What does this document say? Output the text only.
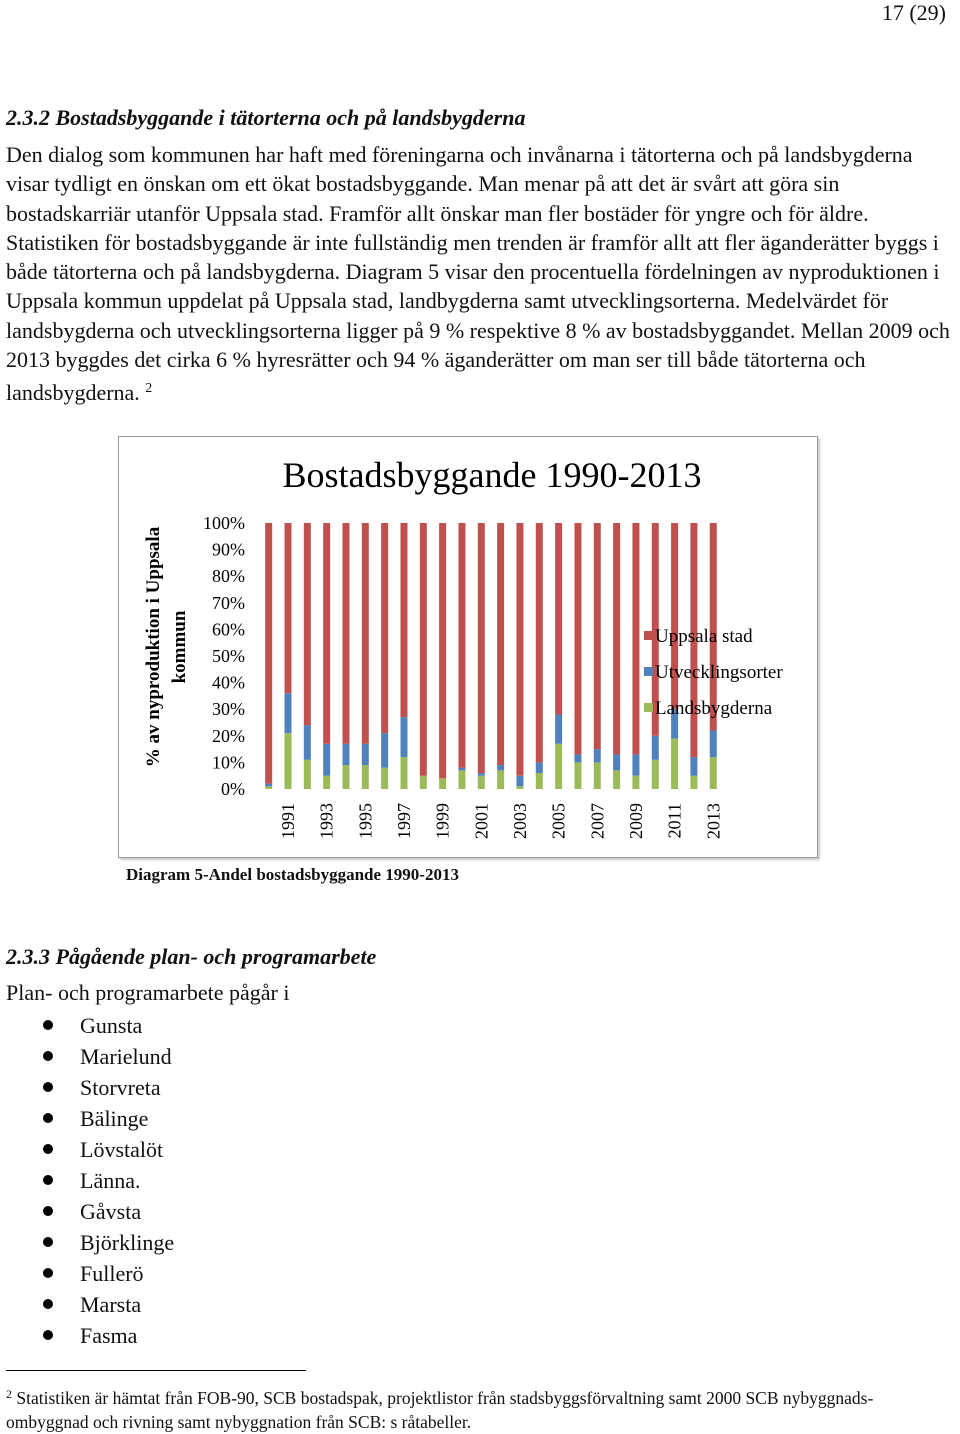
17 (29)
2.3.2 Bostadsbyggande i tätorterna och på landsbygderna
Den dialog som kommunen har haft med föreningarna och invånarna i tätorterna och på landsbygderna visar tydligt en önskan om ett ökat bostadsbyggande. Man menar på att det är svårt att göra sin bostadskarriär utanför Uppsala stad. Framför allt önskar man fler bostäder för yngre och för äldre. Statistiken för bostadsbyggande är inte fullständig men trenden är framför allt att fler äganderätter byggs i både tätorterna och på landsbygderna. Diagram 5 visar den procentuella fördelningen av nyproduktionen i Uppsala kommun uppdelat på Uppsala stad, landbygderna samt utvecklingsorterna. Medelvärdet för landsbygderna och utvecklingsorterna ligger på 9 % respektive 8 % av bostadsbyggandet. Mellan 2009 och 2013 byggdes det cirka 6 % hyresrätter och 94 % äganderätter om man ser till både tätorterna och landsbygderna. $^2$
Bostadsbyggande 1990-2013
% av nyproduktion i Uppsala kommun
0%
10%
20%
30%
40%
50%
60%
70%
80%
90%
100%
1991 1993 1995 1997 1999 2001 2003 2005 2007 2009 2011 2013
Uppsala stad
Utvecklingsorter
Landsbygderna
Diagram 5-Andel bostadsbyggande 1990-2013
2.3.3 Pågående plan- och programarbete
Plan- och programarbete pågår i
Gunsta
Marielund
Storvreta
Bälinge
Lövstalöt
Länna.
Gåvsta
Björklinge
Fullerö
Marsta
Fasma
$^2$ Statistiken är hämtat från FOB-90, SCB bostadspak, projektlistor från stadsbyggsförvaltning samt 2000 SCB nybyggnads- ombyggnad och rivning samt nybyggnation från SCB: s råtabeller.
